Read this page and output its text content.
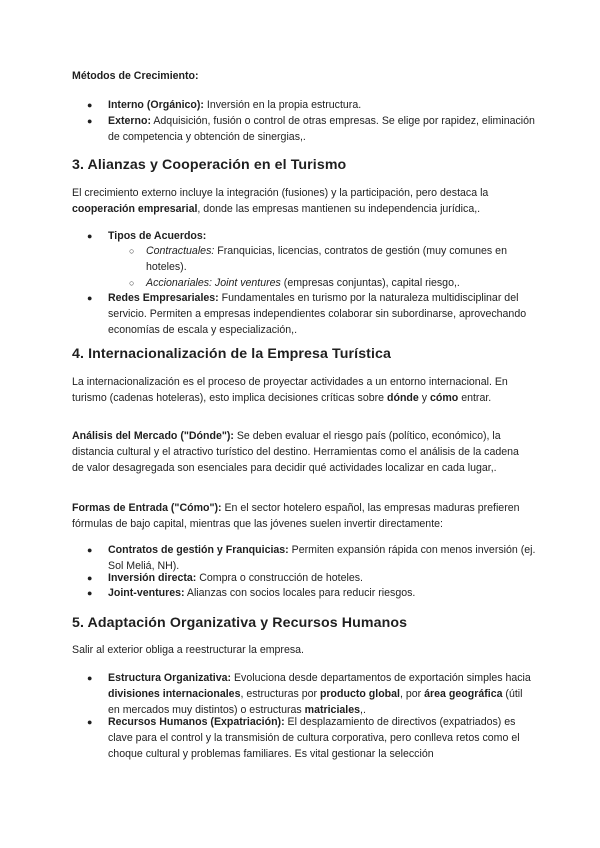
Métodos de Crecimiento:

● Interno (Orgánico): Inversión en la propia estructura.

● Externo: Adquisición, fusión o control de otras empresas. Se elige por rapidez, eliminación de competencia y obtención de sinergias,.

3. Alianzas y Cooperación en el Turismo

El crecimiento externo incluye la integración (fusiones) y la participación, pero destaca la cooperación empresarial, donde las empresas mantienen su independencia jurídica,.

● Tipos de Acuerdos:

○ Contractuales: Franquicias, licencias, contratos de gestión (muy comunes en hoteles).

○ Accionariales: Joint ventures (empresas conjuntas), capital riesgo,.

● Redes Empresariales: Fundamentales en turismo por la naturaleza multidisciplinar del servicio. Permiten a empresas independientes colaborar sin subordinarse, aprovechando economías de escala y especialización,.

4. Internacionalización de la Empresa Turística

La internacionalización es el proceso de proyectar actividades a un entorno internacional. En turismo (cadenas hoteleras), esto implica decisiones críticas sobre dónde y cómo entrar.

Análisis del Mercado ("Dónde"): Se deben evaluar el riesgo país (político, económico), la distancia cultural y el atractivo turístico del destino. Herramientas como el análisis de la cadena de valor desagregada son esenciales para decidir qué actividades localizar en cada lugar,.

Formas de Entrada ("Cómo"): En el sector hotelero español, las empresas maduras prefieren fórmulas de bajo capital, mientras que las jóvenes suelen invertir directamente:

● Contratos de gestión y Franquicias: Permiten expansión rápida con menos inversión (ej. Sol Meliá, NH).

● Inversión directa: Compra o construcción de hoteles.

● Joint-ventures: Alianzas con socios locales para reducir riesgos.

5. Adaptación Organizativa y Recursos Humanos

Salir al exterior obliga a reestructurar la empresa.

● Estructura Organizativa: Evoluciona desde departamentos de exportación simples hacia divisiones internacionales, estructuras por producto global, por área geográfica (útil en mercados muy distintos) o estructuras matriciales,.

● Recursos Humanos (Expatriación): El desplazamiento de directivos (expatriados) es clave para el control y la transmisión de cultura corporativa, pero conlleva retos como el choque cultural y problemas familiares. Es vital gestionar la selección
